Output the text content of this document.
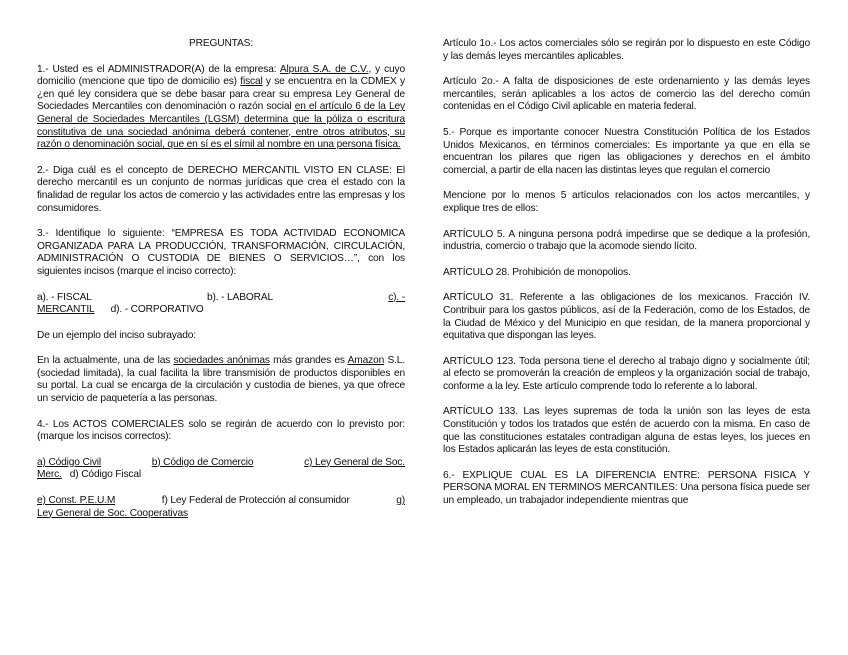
PREGUNTAS:

1.- Usted es el ADMINISTRADOR(A) de la empresa: Alpura S.A. de C.V., y cuyo domicilio (mencione que tipo de domicilio es) fiscal y se encuentra en la CDMEX y ¿en qué ley considera que se debe basar para crear su empresa Ley General de Sociedades Mercantiles con denominación o razón social en el artículo 6 de la Ley General de Sociedades Mercantiles (LGSM) determina que la póliza o escritura constitutiva de una sociedad anónima deberá contener, entre otros atributos, su razón o denominación social, que en sí es el símil al nombre en una persona física.

2.- Diga cuál es el concepto de DERECHO MERCANTIL VISTO EN CLASE: El derecho mercantil es un conjunto de normas jurídicas que crea el estado con la finalidad de regular los actos de comercio y las actividades entre las empresas y los consumidores.

3.- Identifique lo siguiente: “EMPRESA ES TODA ACTIVIDAD ECONOMICA ORGANIZADA PARA LA PRODUCCIÓN, TRANSFORMACIÓN, CIRCULACIÓN, ADMINISTRACIÓN O CUSTODIA DE BIENES O SERVICIOS…”, con los siguientes incisos (marque el inciso correcto):

a). - FISCAL	b). - LABORAL	c). -

MERCANTIL d). - CORPORATIVO

De un ejemplo del inciso subrayado:

En la actualmente, una de las sociedades anónimas más grandes es Amazon S.L. (sociedad limitada), la cual facilita la libre transmisión de productos disponibles en su portal. La cual se encarga de la circulación y custodia de bienes, ya que ofrece un servicio de paquetería a las personas.

4.- Los ACTOS COMERCIALES solo se regirán de acuerdo con lo previsto por: (marque los incisos correctos):

a) Código Civil	b) Código de Comercio	c) Ley General de Soc.

Merc. d) Código Fiscal

e) Const. P.E.U.M	f) Ley Federal de Protección al consumidor	g)

Ley General de Soc. Cooperativas

Artículo 1o.- Los actos comerciales sólo se regirán por lo dispuesto en este Código y las demás leyes mercantiles aplicables.

Artículo 2o.- A falta de disposiciones de este ordenamiento y las demás leyes mercantiles, serán aplicables a los actos de comercio las del derecho común contenidas en el Código Civil aplicable en materia federal.

5.- Porque es importante conocer Nuestra Constitución Política de los Estados Unidos Mexicanos, en términos comerciales: Es importante ya que en ella se encuentran los pilares que rigen las obligaciones y derechos en el ámbito comercial, a partir de ella nacen las distintas leyes que regulan el comercio

Mencione por lo menos 5 artículos relacionados con los actos mercantiles, y explique tres de ellos:

ARTÍCULO 5. A ninguna persona podrá impedirse que se dedique a la profesión, industria, comercio o trabajo que la acomode siendo lícito.

ARTÍCULO 28. Prohibición de monopolios.

ARTÍCULO 31. Referente a las obligaciones de los mexicanos. Fracción IV. Contribuir para los gastos públicos, así de la Federación, como de los Estados, de la Ciudad de México y del Municipio en que residan, de la manera proporcional y equitativa que dispongan las leyes.

ARTÍCULO 123. Toda persona tiene el derecho al trabajo digno y socialmente útil; al efecto se promoverán la creación de empleos y la organización social de trabajo, conforme a la ley. Este artículo comprende todo lo referente a lo laboral.

ARTÍCULO 133. Las leyes supremas de toda la unión son las leyes de esta Constitución y todos los tratados que estén de acuerdo con la misma. En caso de que las constituciones estatales contradigan alguna de estas leyes, los jueces en los Estados aplicarán las leyes de esta constitución.

6.- EXPLIQUE CUAL ES LA DIFERENCIA ENTRE: PERSONA FISICA Y PERSONA MORAL EN TERMINOS MERCANTILES: Una persona física puede ser un empleado, un trabajador independiente mientras que
